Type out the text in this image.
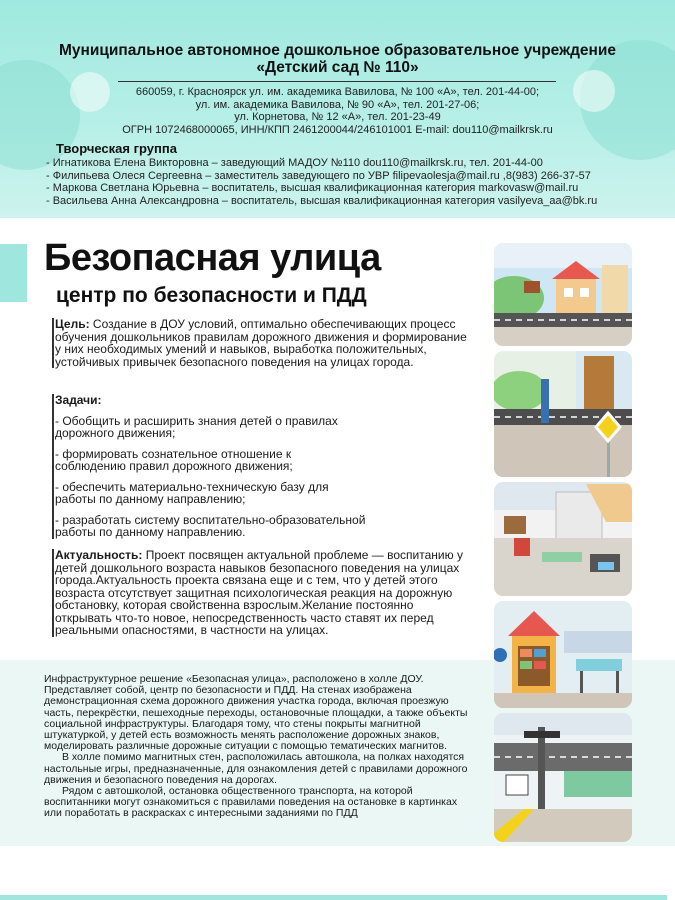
Муниципальное автономное дошкольное образовательное учреждение
«Детский сад № 110»
660059, г. Красноярск ул. им. академика Вавилова, № 100 «А», тел. 201-44-00;
ул. им. академика Вавилова, № 90 «А», тел. 201-27-06;
ул. Корнетова, № 12 «А», тел. 201-23-49
ОГРН 1072468000065, ИНН/КПП 2461200044/246101001 E-mail: dou110@mailkrsk.ru
Творческая группа
- Игнатикова Елена Викторовна – заведующий МАДОУ №110 dou110@mailkrsk.ru, тел. 201-44-00
- Филипьева Олеся Сергеевна – заместитель заведующего по УВР filipevaolesja@mail.ru ,8(983) 266-37-57
- Маркова Светлана Юрьевна – воспитатель, высшая квалификационная категория markovasw@mail.ru
- Васильева Анна Александровна – воспитатель, высшая квалификационная категория vasilyeva_aa@bk.ru
Безопасная улица
центр по безопасности и ПДД
Цель: Создание в ДОУ условий, оптимально обеспечивающих процесс обучения дошкольников правилам дорожного движения и формирование у них необходимых умений и навыков, выработка положительных, устойчивых привычек безопасного поведения на улицах города.
Задачи:
- Обобщить и расширить знания детей о правилах дорожного движения;
- формировать сознательное отношение к соблюдению правил дорожного движения;
- обеспечить материально-техническую базу для работы по данному направлению;
- разработать систему воспитательно-образовательной работы по данному направлению.
Актуальность: Проект посвящен актуальной проблеме — воспитанию у детей дошкольного возраста навыков безопасного поведения на улицах города.Актуальность проекта связана еще и с тем, что у детей этого возраста отсутствует защитная психологическая реакция на дорожную обстановку, которая свойственна взрослым.Желание постоянно открывать что-то новое, непосредственность часто ставят их перед реальными опасностями, в частности на улицах.
Инфраструктурное решение «Безопасная улица», расположено в холле ДОУ. Представляет собой, центр по безопасности и ПДД. На стенах изображена демонстрационная схема дорожного движения участка города, включая проезжую часть, перекрёстки, пешеходные переходы, остановочные площадки, а также объекты социальной инфраструктуры. Благодаря тому, что стены покрыты магнитной штукатуркой, у детей есть возможность менять расположение дорожных знаков, моделировать различные дорожные ситуации с помощью тематических магнитов.
В холле помимо магнитных стен, расположилась автошкола, на полках находятся настольные игры, предназначенные, для ознакомления детей с правилами дорожного движения и безопасного поведения на дорогах.
Рядом с автошколой, остановка общественного транспорта, на которой воспитанники могут ознакомиться с правилами поведения на остановке в картинках или поработать в раскрасках с интересными заданиями по ПДД
